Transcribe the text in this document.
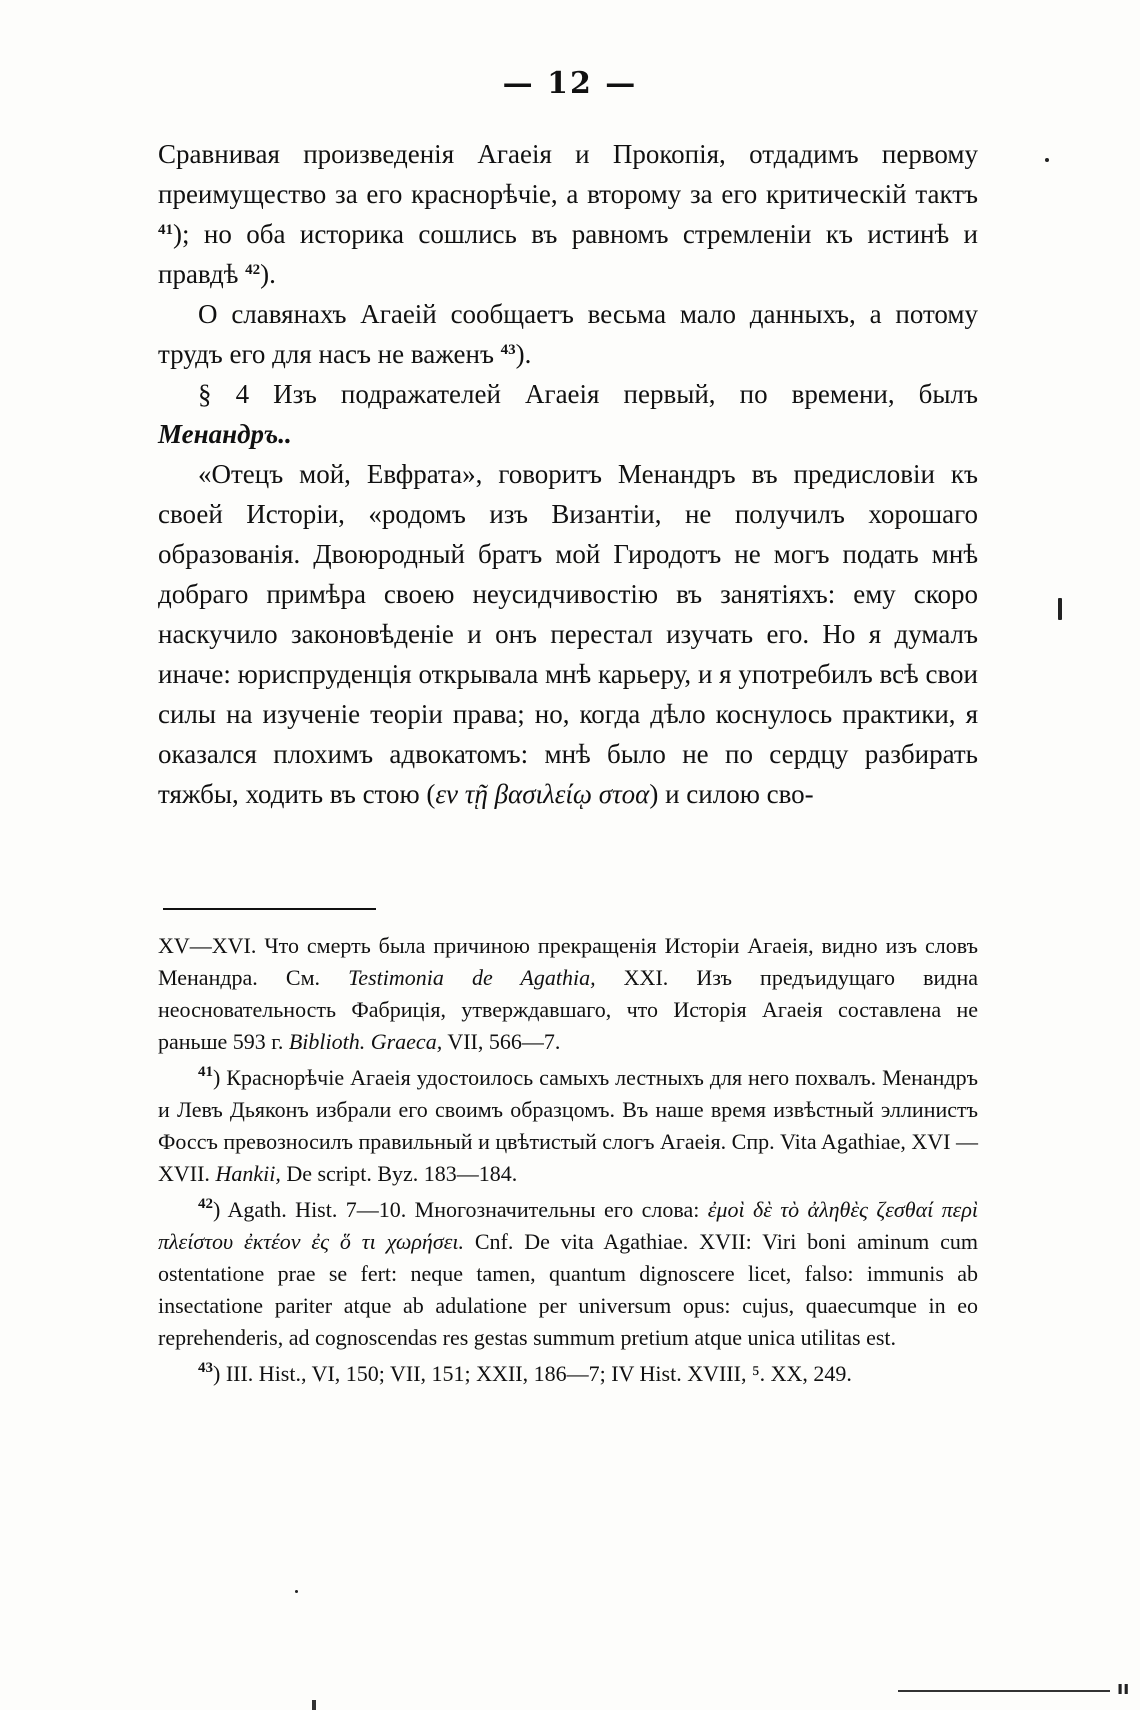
— 12 —

Сравнивая произведенія Агаеія и Прокопія, отдадимъ первому преимущество за его краснорѣчіе, а второму за его критическій тактъ $^{41}$); но оба историка сошлись въ равномъ стремленіи къ истинѣ и правдѣ $^{42}$).

О славянахъ Агаеій сообщаетъ весьма мало данныхъ, а потому трудъ его для насъ не важенъ $^{43}$).

§ 4 Изъ подражателей Агаеія первый, по времени, былъ Менандръ..

«Отецъ мой, Евфрата», говоритъ Менандръ въ предисловіи къ своей Исторіи, «родомъ изъ Византіи, не получилъ хорошаго образованія. Двоюродный братъ мой Гиродотъ не могъ подать мнѣ добраго примѣра своею неусидчивостію въ занятіяхъ: ему скоро наскучило законовѣденіе и онъ перестал изучать его. Но я думалъ иначе: юриспруденція открывала мнѣ карьеру, и я употребилъ всѣ свои силы на изученіе теоріи права; но, когда дѣло коснулось практики, я оказался плохимъ адвокатомъ: мнѣ было не по сердцу разбирать тяжбы, ходить въ стою (εν τῇ βασιλείῳ στοα) и силою сво-

XV—XVI. Что смерть была причиною прекращенія Исторіи Агаеія, видно изъ словъ Менандра. См. Testimonia de Agathia, XXI. Изъ предъидущаго видна неосновательность Фабриція, утверждавшаго, что Исторія Агаеія составлена не раньше 593 г. Biblioth. Graeca, VII, 566—7.

$^{41}$) Краснорѣчіе Агаеія удостоилось самыхъ лестныхъ для него похвалъ. Менандръ и Левъ Дьяконъ избрали его своимъ образцомъ. Въ наше время извѣстный эллинистъ Фоссъ превозносилъ правильный и цвѣтистый слогъ Агаеія. Cпр. Vita Agathiae, XVI — XVII. Hankii, De script. Byz. 183—184.

$^{42}$) Agath. Hist. 7—10. Многозначительны его слова: ἐμοὶ δὲ τὸ ἀληθὲς ζεσθαί περὶ πλείστου ἐκτέον ἐς ὅ τι χωρήσει. Cnf. De vita Agathiae. XVII: Viri boni aminum cum ostentatione prae se fert: neque tamen, quantum dignoscere licet, falso: immunis ab insectatione pariter atque ab adulatione per universum opus: cujus, quaecumque in eo reprehenderis, ad cognoscendas res gestas summum pretium atque unica utilitas est.

$^{43}$) III. Hist., VI, 150; VII, 151; XXII, 186—7; IV Hist. XVIII, ⁵. XX, 249.

ıı
